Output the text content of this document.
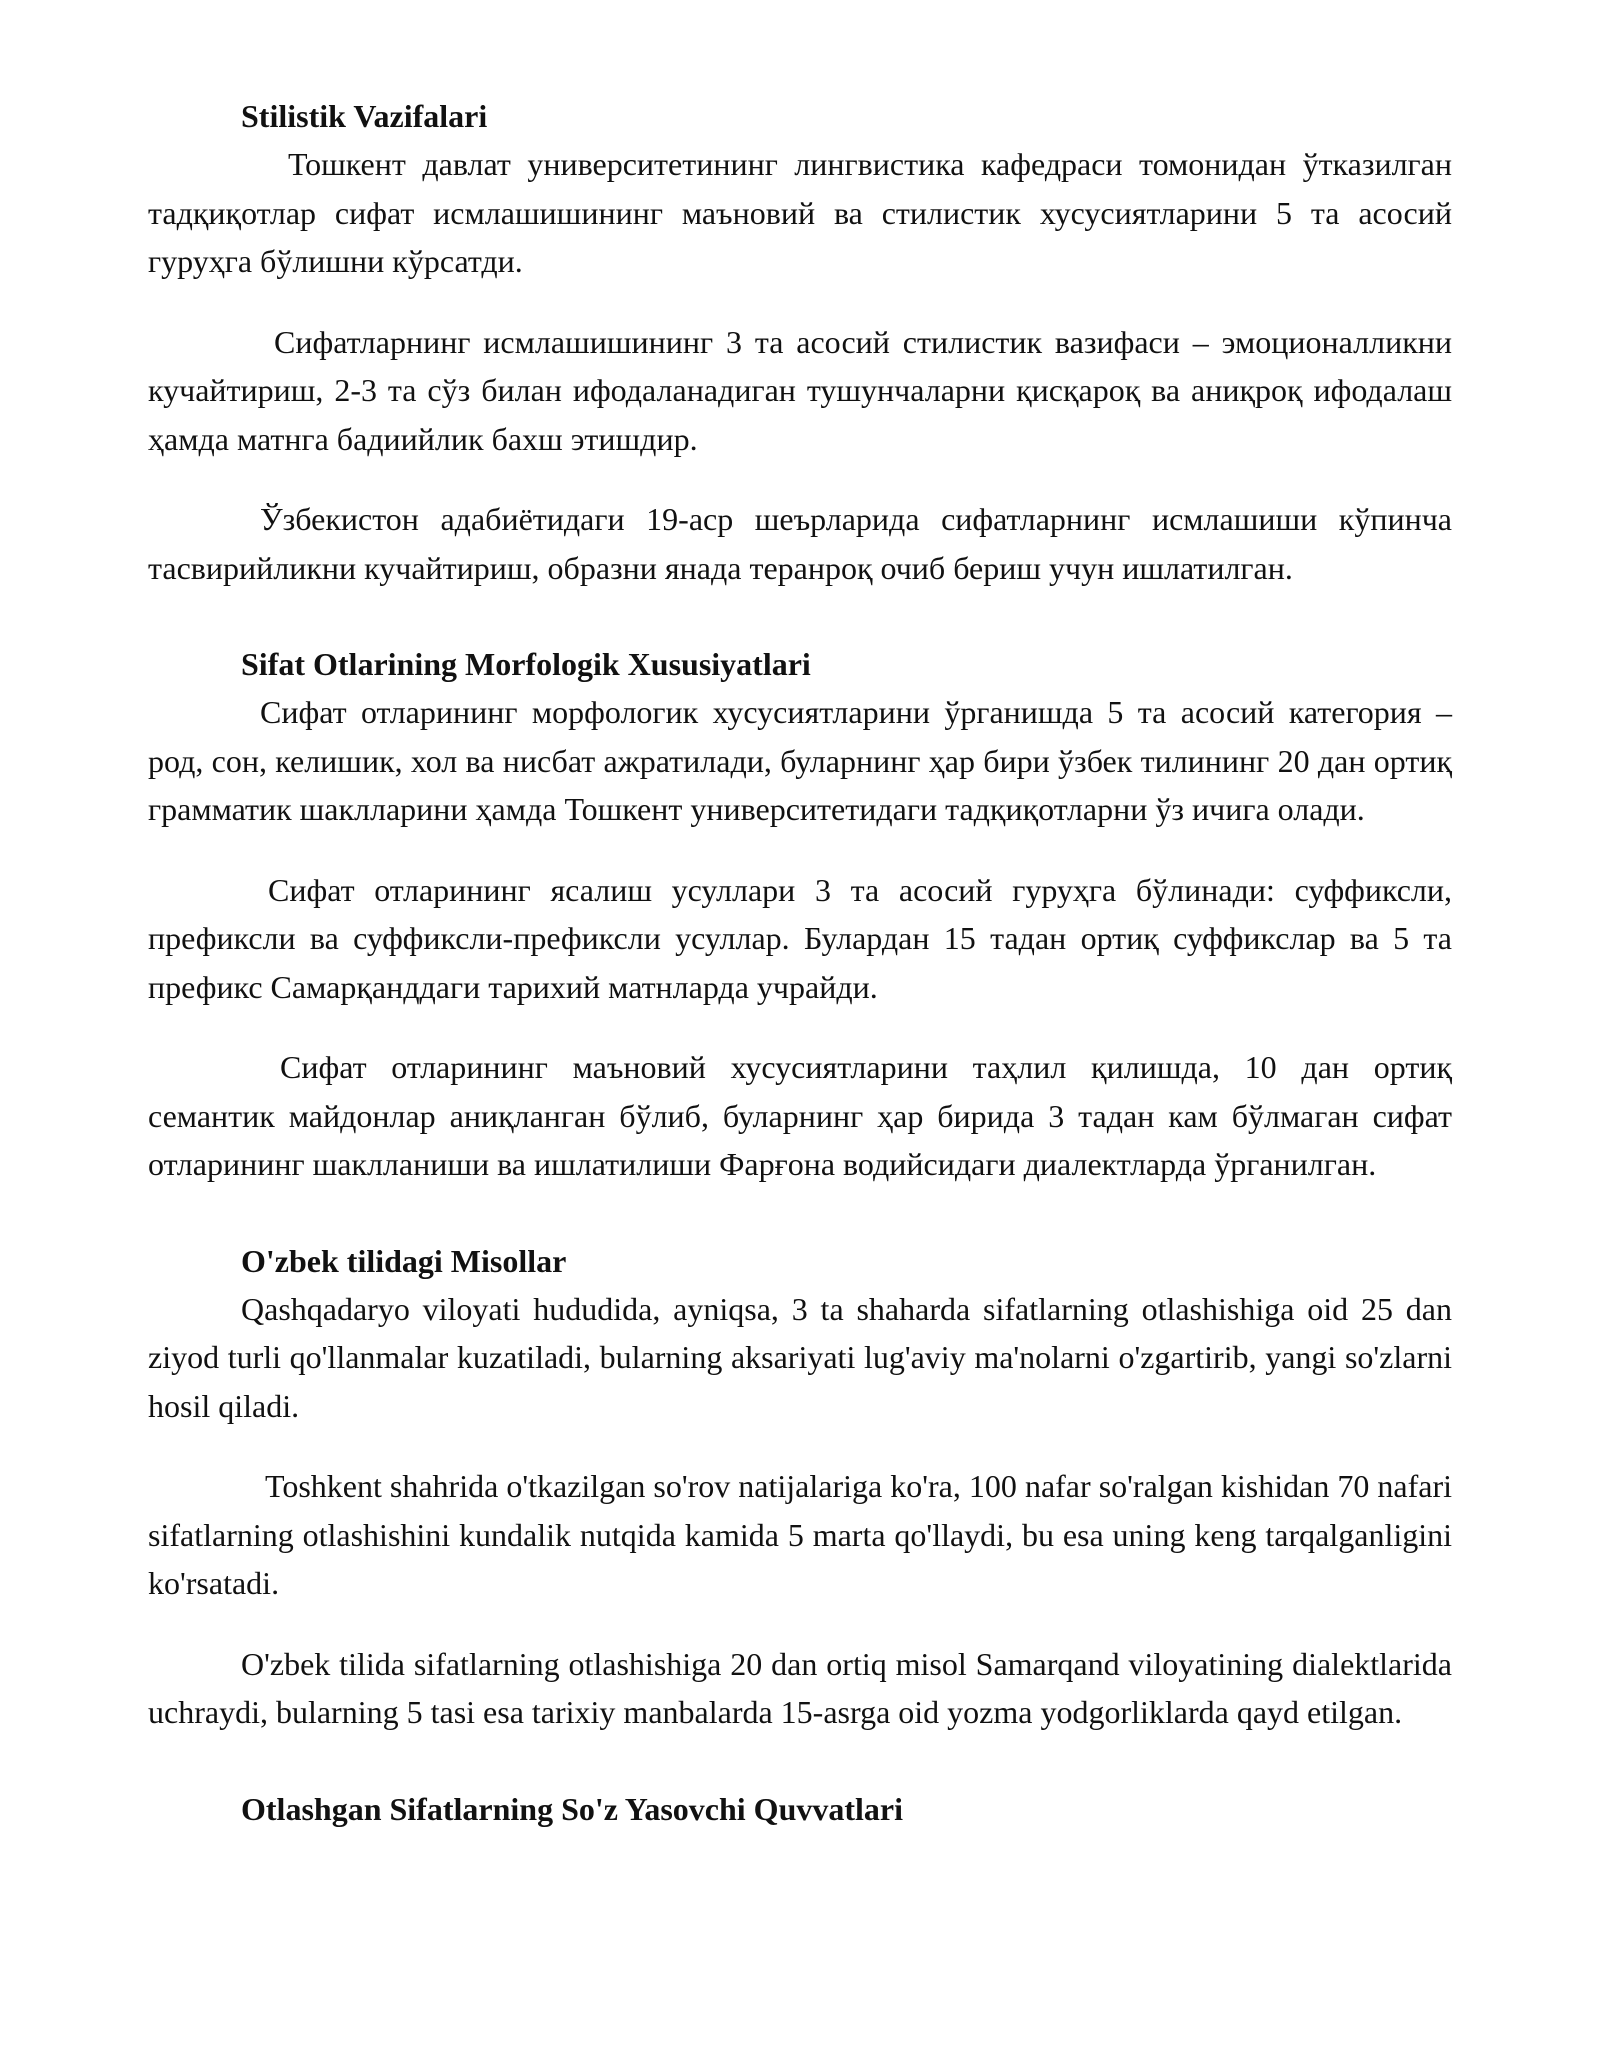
Stilistik Vazifalari

Тошкент давлат университетининг лингвистика кафедраси томонидан ўтказилган тадқиқотлар сифат исмлашишининг маъновий ва стилистик хусусиятларини 5 та асосий гуруҳга бўлишни кўрсатди.

Сифатларнинг исмлашишининг 3 та асосий стилистик вазифаси – эмоционалликни кучайтириш, 2-3 та сўз билан ифодаланадиган тушунчаларни қисқароқ ва аниқроқ ифодалаш ҳамда матнга бадиийлик бахш этишдир.

Ўзбекистон адабиётидаги 19-аср шеърларида сифатларнинг исмлашиши кўпинча тасвирийликни кучайтириш, образни янада теранроқ очиб бериш учун ишлатилган.

Sifat Otlarining Morfologik Xususiyatlari

Сифат отларининг морфологик хусусиятларини ўрганишда 5 та асосий категория – род, сон, келишик, хол ва нисбат ажратилади, буларнинг ҳар бири ўзбек тилининг 20 дан ортиқ грамматик шаклларини ҳамда Тошкент университетидаги тадқиқотларни ўз ичига олади.

Сифат отларининг ясалиш усуллари 3 та асосий гуруҳга бўлинади: суффиксли, префиксли ва суффиксли-префиксли усуллар. Булардан 15 тадан ортиқ суффикслар ва 5 та префикс Самарқанддаги тарихий матнларда учрайди.

Сифат отларининг маъновий хусусиятларини таҳлил қилишда, 10 дан ортиқ семантик майдонлар аниқланган бўлиб, буларнинг ҳар бирида 3 тадан кам бўлмаган сифат отларининг шаклланиши ва ишлатилиши Фарғона водийсидаги диалектларда ўрганилган.

O'zbek tilidagi Misollar

Qashqadaryo viloyati hududida, ayniqsa, 3 ta shaharda sifatlarning otlashishiga oid 25 dan ziyod turli qo'llanmalar kuzatiladi, bularning aksariyati lug'aviy ma'nolarni o'zgartirib, yangi so'zlarni hosil qiladi.

Toshkent shahrida o'tkazilgan so'rov natijalariga ko'ra, 100 nafar so'ralgan kishidan 70 nafari sifatlarning otlashishini kundalik nutqida kamida 5 marta qo'llaydi, bu esa uning keng tarqalganligini ko'rsatadi.

O'zbek tilida sifatlarning otlashishiga 20 dan ortiq misol Samarqand viloyatining dialektlarida uchraydi, bularning 5 tasi esa tarixiy manbalarda 15-asrga oid yozma yodgorliklarda qayd etilgan.

Otlashgan Sifatlarning So'z Yasovchi Quvvatlari
